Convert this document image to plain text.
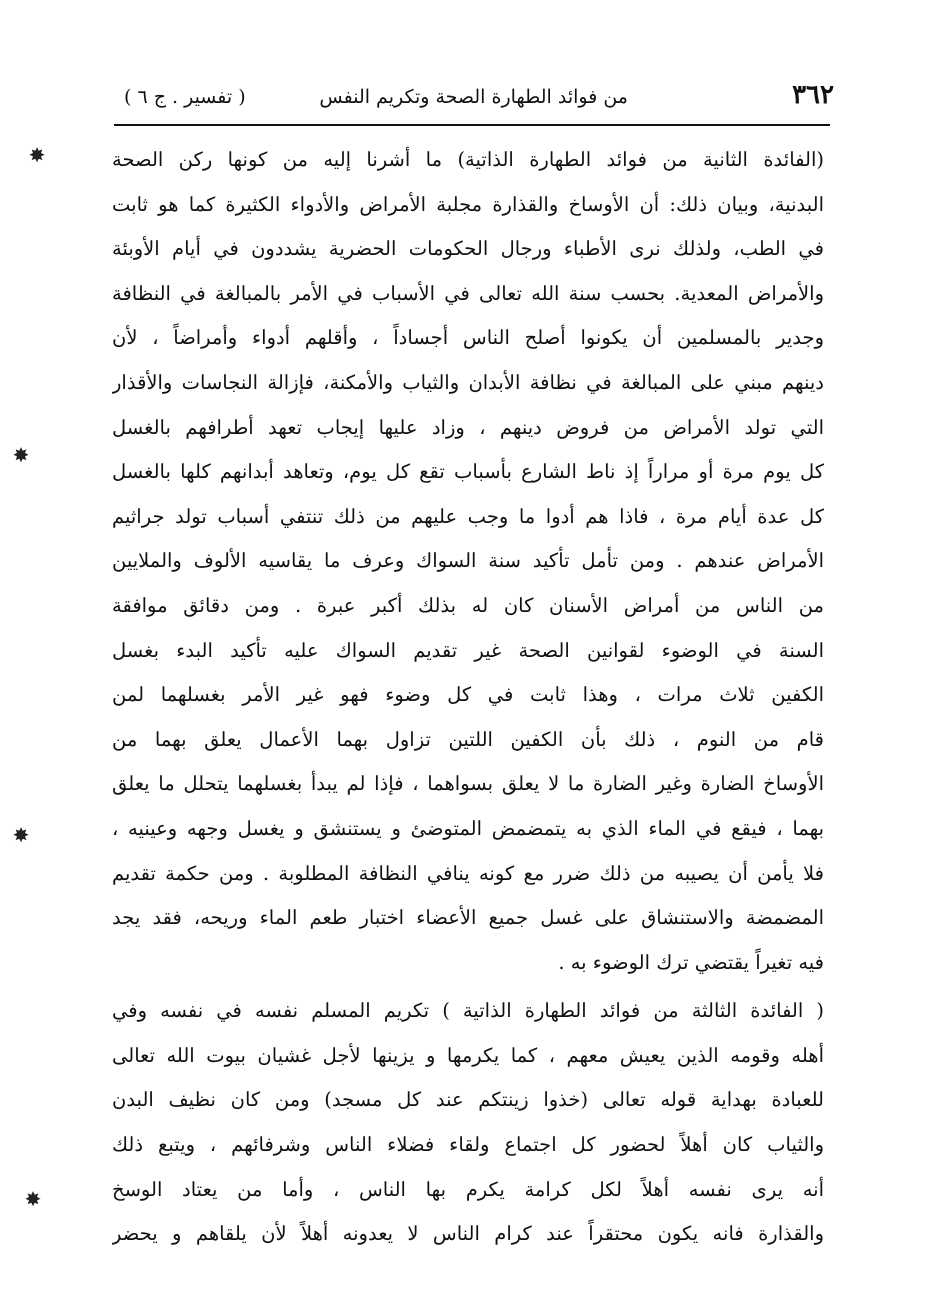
٣٦٢
من فوائد الطهارة الصحة وتكريم النفس
( تفسير . ج ٦ )
✸
✸
✸
✸
(الفائدة الثانية من فوائد الطهارة الذاتية) ما أشرنا إليه من كونها ركن الصحة
البدنية، وبيان ذلك: أن الأوساخ والقذارة مجلبة الأمراض والأدواء الكثيرة كما هو ثابت
في الطب، ولذلك نرى الأطباء ورجال الحكومات الحضرية يشددون في أيام الأوبئة
والأمراض المعدية. بحسب سنة الله تعالى في الأسباب في الأمر بالمبالغة في النظافة
وجدير بالمسلمين أن يكونوا أصلح الناس أجساداً ، وأقلهم أدواء وأمراضاً ، لأن
دينهم مبني على المبالغة في نظافة الأبدان والثياب والأمكنة، فإزالة النجاسات والأقذار
التي تولد الأمراض من فروض دينهم ، وزاد عليها إيجاب تعهد أطرافهم بالغسل
كل يوم مرة أو مراراً إذ ناط الشارع بأسباب تقع كل يوم، وتعاهد أبدانهم كلها بالغسل
كل عدة أيام مرة ، فاذا هم أدوا ما وجب عليهم من ذلك تنتفي أسباب تولد جراثيم
الأمراض عندهم . ومن تأمل تأكيد سنة السواك وعرف ما يقاسيه الألوف والملايين
من الناس من أمراض الأسنان كان له بذلك أكبر عبرة . ومن دقائق موافقة
السنة في الوضوء لقوانين الصحة غير تقديم السواك عليه تأكيد البدء بغسل
الكفين ثلاث مرات ، وهذا ثابت في كل وضوء فهو غير الأمر بغسلهما لمن
قام من النوم ، ذلك بأن الكفين اللتين تزاول بهما الأعمال يعلق بهما من
الأوساخ الضارة وغير الضارة ما لا يعلق بسواهما ، فإذا لم يبدأ بغسلهما يتحلل ما يعلق
بهما ، فيقع في الماء الذي به يتمضمض المتوضئ و يستنشق و يغسل وجهه وعينيه ،
فلا يأمن أن يصيبه من ذلك ضرر مع كونه ينافي النظافة المطلوبة . ومن حكمة تقديم
المضمضة والاستنشاق على غسل جميع الأعضاء اختبار طعم الماء وريحه، فقد يجد
فيه تغيراً يقتضي ترك الوضوء به .
( الفائدة الثالثة من فوائد الطهارة الذاتية ) تكريم المسلم نفسه في نفسه وفي
أهله وقومه الذين يعيش معهم ، كما يكرمها و يزينها لأجل غشيان بيوت الله تعالى
للعبادة بهداية قوله تعالى (خذوا زينتكم عند كل مسجد) ومن كان نظيف البدن
والثياب كان أهلاً لحضور كل اجتماع ولقاء فضلاء الناس وشرفائهم ، ويتبع ذلك
أنه يرى نفسه أهلاً لكل كرامة يكرم بها الناس ، وأما من يعتاد الوسخ
والقذارة فانه يكون محتقراً عند كرام الناس لا يعدونه أهلاً لأن يلقاهم و يحضر
